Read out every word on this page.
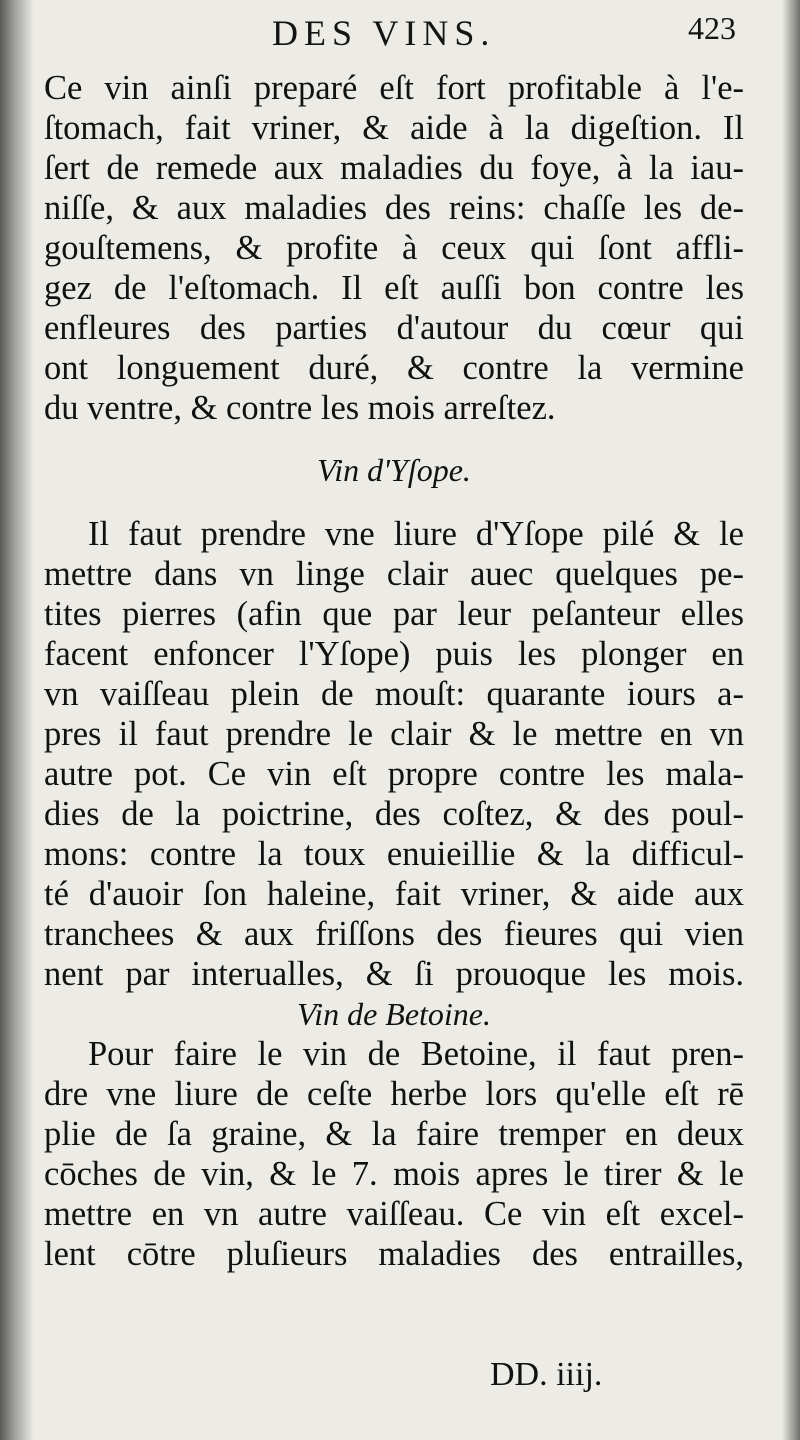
DES VINS.	423
Ce vin ainſi preparé eſt fort profitable à l'e-
ſtomach, fait vriner, & aide à la digeſtion. Il
ſert de remede aux maladies du foye, à la iau-
niſſe, & aux maladies des reins: chaſſe les de-
gouſtemens, & profite à ceux qui ſont affli-
gez de l'eſtomach. Il eſt auſſi bon contre les
enfleures des parties d'autour du cœur qui
ont longuement duré, & contre la vermine
du ventre, & contre les mois arreſtez.
Vin d'Yſope.
Il faut prendre vne liure d'Yſope pilé & le
mettre dans vn linge clair auec quelques pe-
tites pierres (afin que par leur peſanteur elles
facent enfoncer l'Yſope) puis les plonger en
vn vaiſſeau plein de mouſt: quarante iours a-
pres il faut prendre le clair & le mettre en vn
autre pot. Ce vin eſt propre contre les mala-
dies de la poictrine, des coſtez, & des poul-
mons: contre la toux enuieillie & la difficul-
té d'auoir ſon haleine, fait vriner, & aide aux
tranchees & aux friſſons des fieures qui vien
nent par interualles, & ſi prouoque les mois.
Vin de Betoine.
Pour faire le vin de Betoine, il faut pren-
dre vne liure de ceſte herbe lors qu'elle eſt rē
plie de ſa graine, & la faire tremper en deux
cōches de vin, & le 7. mois apres le tirer & le
mettre en vn autre vaiſſeau. Ce vin eſt excel-
lent cōtre pluſieurs maladies des entrailles,
DD. iiij.
